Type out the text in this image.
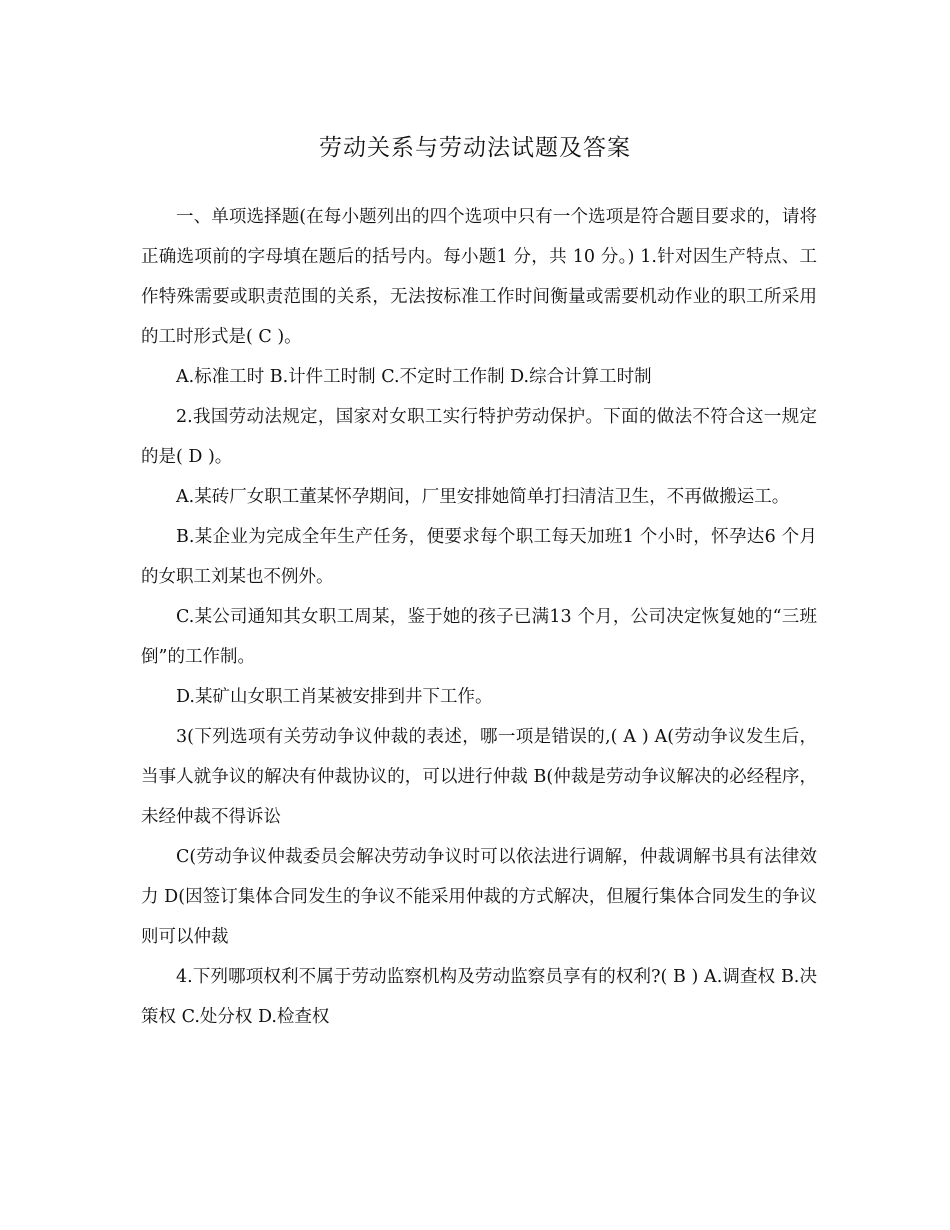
劳动关系与劳动法试题及答案

一、单项选择题(在每小题列出的四个选项中只有一个选项是符合题目要求的，请将正确选项前的字母填在题后的括号内。每小题1 分，共 10 分。) 1.针对因生产特点、工作特殊需要或职责范围的关系，无法按标准工作时间衡量或需要机动作业的职工所采用的工时形式是( C )。

A.标准工时 B.计件工时制 C.不定时工作制 D.综合计算工时制

2.我国劳动法规定，国家对女职工实行特护劳动保护。下面的做法不符合这一规定的是( D )。

A.某砖厂女职工董某怀孕期间，厂里安排她简单打扫清洁卫生，不再做搬运工。

B.某企业为完成全年生产任务，便要求每个职工每天加班1 个小时，怀孕达6 个月的女职工刘某也不例外。

C.某公司通知其女职工周某，鉴于她的孩子已满13 个月，公司决定恢复她的“三班倒”的工作制。

D.某矿山女职工肖某被安排到井下工作。

3(下列选项有关劳动争议仲裁的表述，哪一项是错误的,( A ) A(劳动争议发生后，当事人就争议的解决有仲裁协议的，可以进行仲裁 B(仲裁是劳动争议解决的必经程序，未经仲裁不得诉讼

C(劳动争议仲裁委员会解决劳动争议时可以依法进行调解，仲裁调解书具有法律效力 D(因签订集体合同发生的争议不能采用仲裁的方式解决，但履行集体合同发生的争议则可以仲裁

4.下列哪项权利不属于劳动监察机构及劳动监察员享有的权利?( B ) A.调查权 B.决策权 C.处分权 D.检查权
